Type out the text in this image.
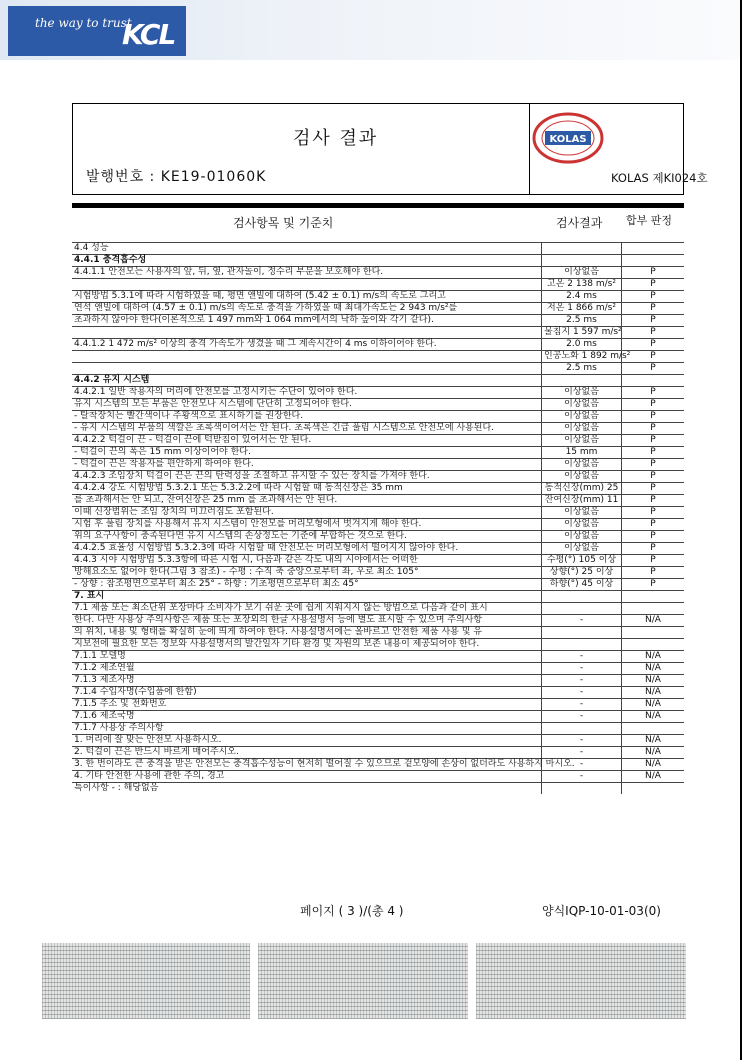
the way to trust
KCL
검사 결과
발행번호 : KE19-01060K	KOLAS 제KI024호
KOLAS
검사항목 및 기준치	검사결과 합부 판정
4.4 성능		
4.4.1 충격흡수성		
4.4.1.1 안전모는 사용자의 앞, 뒤, 옆, 관자놀이, 정수리 부분을 보호해야 한다.	이상없음	P
	고온 2 138 m/s²	P
시험방법 5.3.1에 따라 시험하였을 때, 평면 앤빌에 대하여 (5.42 ± 0.1) m/s의 속도로 그리고	2.4 ms	P
연석 앤빌에 대하여 (4.57 ± 0.1) m/s의 속도로 충격을 가하였을 때 최대가속도는 2 943 m/s²를	저온 1 866 m/s²	P
초과하지 않아야 한다(이론적으로 1 497 mm와 1 064 mm에서의 낙하 높이와 각기 같다).	2.5 ms	P
	물침지 1 597 m/s²	P
4.4.1.2 1 472 m/s² 이상의 충격 가속도가 생겼을 때 그 계속시간이 4 ms 이하이어야 한다.	2.0 ms	P
	인공노화 1 892 m/s²	P
	2.5 ms	P
4.4.2 유지 시스템		
4.4.2.1 일반 착용자의 머리에 안전모를 고정시키는 수단이 있어야 한다.	이상없음	P
유지 시스템의 모든 부품은 안전모나 시스템에 단단히 고정되어야 한다.	이상없음	P
- 탈착장치는 빨간색이나 주황색으로 표시하기를 권장한다.	이상없음	P
- 유지 시스템의 부품의 색깔은 초록색이어서는 안 된다. 초록색은 긴급 풀림 시스템으로 안전모에 사용된다.	이상없음	P
4.4.2.2 턱걸이 끈 - 턱걸이 끈에 턱받침이 있어서는 안 된다.	이상없음	P
- 턱걸이 끈의 폭은 15 mm 이상이어야 한다.	15 mm	P
- 턱걸이 끈은 착용자를 편안하게 하여야 한다.	이상없음	P
4.4.2.3 조임장치 턱걸이 끈은 끈의 탄력성을 조절하고 유지할 수 있는 장치를 가져야 한다.	이상없음	P
4.4.2.4 강도 시험방법 5.3.2.1 또는 5.3.2.2에 따라 시험할 때 동적신장은 35 mm	동적신장(mm) 25	P
를 초과해서는 안 되고, 잔여신장은 25 mm 를 초과해서는 안 된다.	잔여신장(mm) 11	P
이때 신장범위는 조임 장치의 미끄러짐도 포함된다.	이상없음	P
시험 후 풀림 장치를 사용해서 유지 시스템이 안전모를 머리모형에서 벗겨지게 해야 한다.	이상없음	P
위의 요구사항이 충족된다면 유지 시스템의 손상정도는 기준에 부합하는 것으로 한다.	이상없음	P
4.4.2.5 효율성 시험방법 5.3.2.3에 따라 시험할 때 안전모는 머리모형에서 떨어지지 않아야 한다.	이상없음	P
4.4.3 시야 시험방법 5.3.3항에 따른 시험 시, 다음과 같은 각도 내의 시야에서는 어떠한	수평(°) 105 이상	P
방해요소도 없어야 한다(그림 3 참조) - 수평 : 수직 축 중앙으로부터 좌, 우로 최소 105°	상향(°) 25 이상	P
- 상향 : 참조평면으로부터 최소 25° - 하향 : 기초평면으로부터 최소 45°	하향(°) 45 이상	P
7. 표시		
7.1 제품 또는 최소단위 포장마다 소비자가 보기 쉬운 곳에 쉽게 지워지지 않는 방법으로 다음과 같이 표시		
한다. 다만 사용상 주의사항은 제품 또는 포장외의 한글 사용설명서 등에 별도 표시할 수 있으며 주의사항	-	N/A
의 위치, 내용 및 형태를 확실히 눈에 띄게 하여야 한다. 사용설명서에는 올바르고 안전한 제품 사용 및 유		
지보전에 필요한 모든 정보와 사용설명서의 발간일자 기타 환경 및 자원의 보존 내용이 제공되어야 한다.		
7.1.1 모델명	-	N/A
7.1.2 제조연월	-	N/A
7.1.3 제조자명	-	N/A
7.1.4 수입자명(수입품에 한함)	-	N/A
7.1.5 주소 및 전화번호	-	N/A
7.1.6 제조국명	-	N/A
7.1.7 사용상 주의사항		
1. 머리에 잘 맞는 안전모 사용하시오.	-	N/A
2. 턱걸이 끈은 반드시 바르게 매어주시오.	-	N/A
3. 한 번이라도 큰 충격을 받은 안전모는 충격흡수성능이 현저히 떨어질 수 있으므로 겉모양에 손상이 없더라도 사용하지 마시오.	-	N/A
4. 기타 안전한 사용에 관한 주의, 경고	-	N/A
특이사항 - : 해당없음		
페이지 ( 3 )/(총 4 )	양식IQP-10-01-03(0)
